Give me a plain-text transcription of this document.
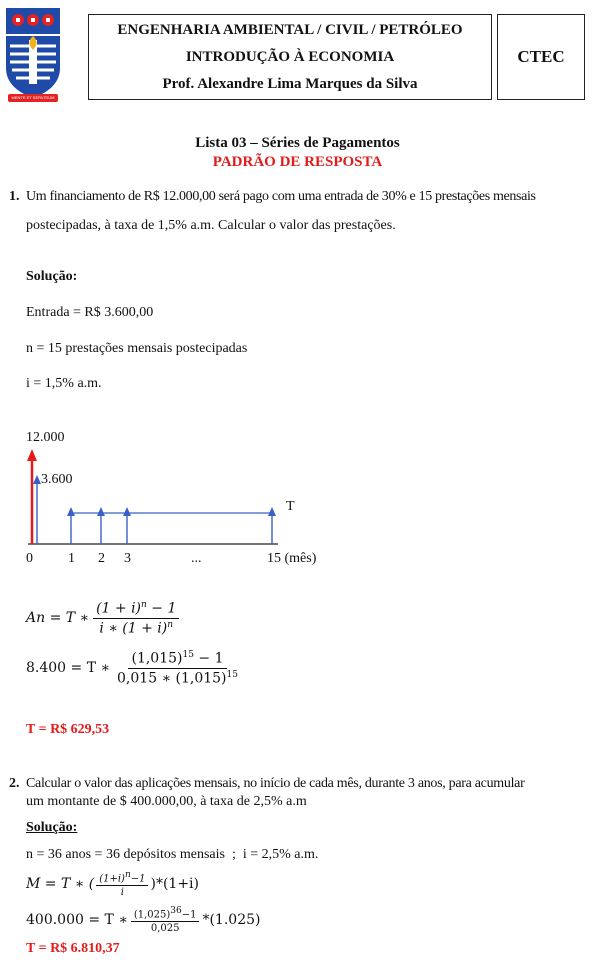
MENTE ET SERVITIUM
ENGENHARIA AMBIENTAL / CIVIL / PETRÓLEO
INTRODUÇÃO À ECONOMIA
Prof. Alexandre Lima Marques da Silva
CTEC
Lista 03 – Séries de Pagamentos
PADRÃO DE RESPOSTA
1. Um financiamento de R$ 12.000,00 será pago com uma entrada de 30% e 15 prestações mensais
postecipadas, à taxa de 1,5% a.m. Calcular o valor das prestações.
Solução:
Entrada = R$ 3.600,00
n = 15 prestações mensais postecipadas
i = 1,5% a.m.
12.000
3.600
T
0	1 2 3	...	15 (mês)
An = T ∗ $\frac{(1 + i)^n - 1}{i ∗ (1 + i)^n}$
8.400 = T ∗ $\frac{(1,015)^{15} - 1}{0,015 ∗ (1,015)^{15}}$
T = R$ 629,53
2. Calcular o valor das aplicações mensais, no início de cada mês, durante 3 anos, para acumular
um montante de $ 400.000,00, à taxa de 2,5% a.m
Solução:
n = 36 anos = 36 depósitos mensais  ;  i = 2,5% a.m.
M = T ∗ ( $\frac{(1+i)^n-1}{i} )*(1+i)$
400.000 = T ∗ $\frac{(1,025)^{36}-1}{0,025} *(1.025)$
T = R$ 6.810,37
